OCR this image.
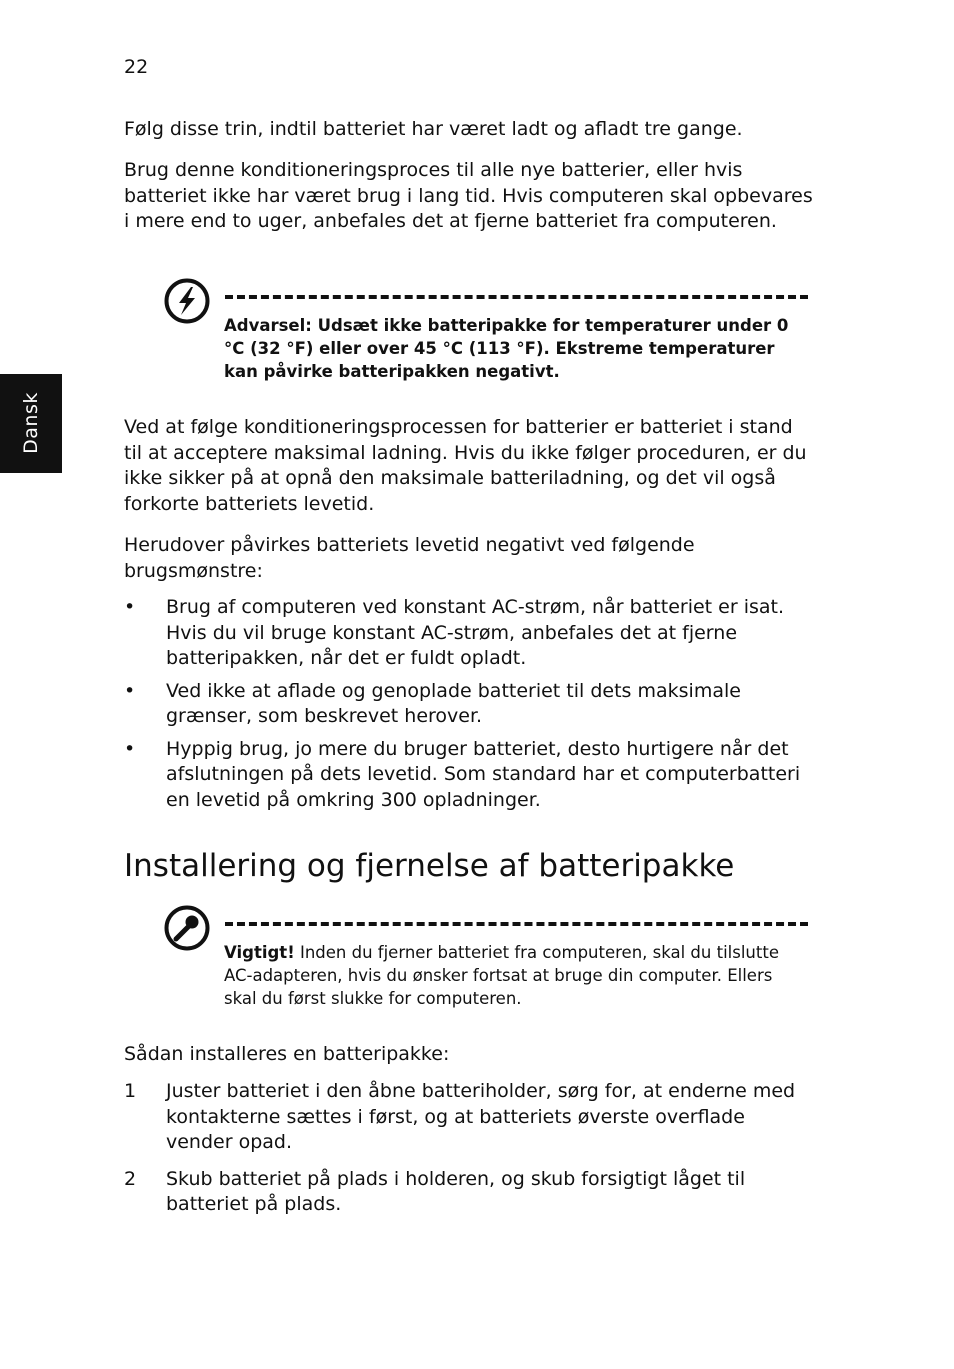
22
Dansk

Følg disse trin, indtil batteriet har været ladt og afladt tre gange.

Brug denne konditioneringsproces til alle nye batterier, eller hvis batteriet ikke har været brug i lang tid. Hvis computeren skal opbevares i mere end to uger, anbefales det at fjerne batteriet fra computeren.

Advarsel: Udsæt ikke batteripakke for temperaturer under 0 °C (32 °F) eller over 45 °C (113 °F). Ekstreme temperaturer kan påvirke batteripakken negativt.

Ved at følge konditioneringsprocessen for batterier er batteriet i stand til at acceptere maksimal ladning. Hvis du ikke følger proceduren, er du ikke sikker på at opnå den maksimale batteriladning, og det vil også forkorte batteriets levetid.

Herudover påvirkes batteriets levetid negativt ved følgende brugsmønstre:

• Brug af computeren ved konstant AC-strøm, når batteriet er isat. Hvis du vil bruge konstant AC-strøm, anbefales det at fjerne batteripakken, når det er fuldt opladt.
• Ved ikke at aflade og genoplade batteriet til dets maksimale grænser, som beskrevet herover.
• Hyppig brug, jo mere du bruger batteriet, desto hurtigere når det afslutningen på dets levetid. Som standard har et computerbatteri en levetid på omkring 300 opladninger.
Installering og fjernelse af batteripakke

Vigtigt! Inden du fjerner batteriet fra computeren, skal du tilslutte AC-adapteren, hvis du ønsker fortsat at bruge din computer. Ellers skal du først slukke for computeren.

Sådan installeres en batteripakke:

1 Juster batteriet i den åbne batteriholder, sørg for, at enderne med kontakterne sættes i først, og at batteriets øverste overflade vender opad.
2 Skub batteriet på plads i holderen, og skub forsigtigt låget til batteriet på plads.
